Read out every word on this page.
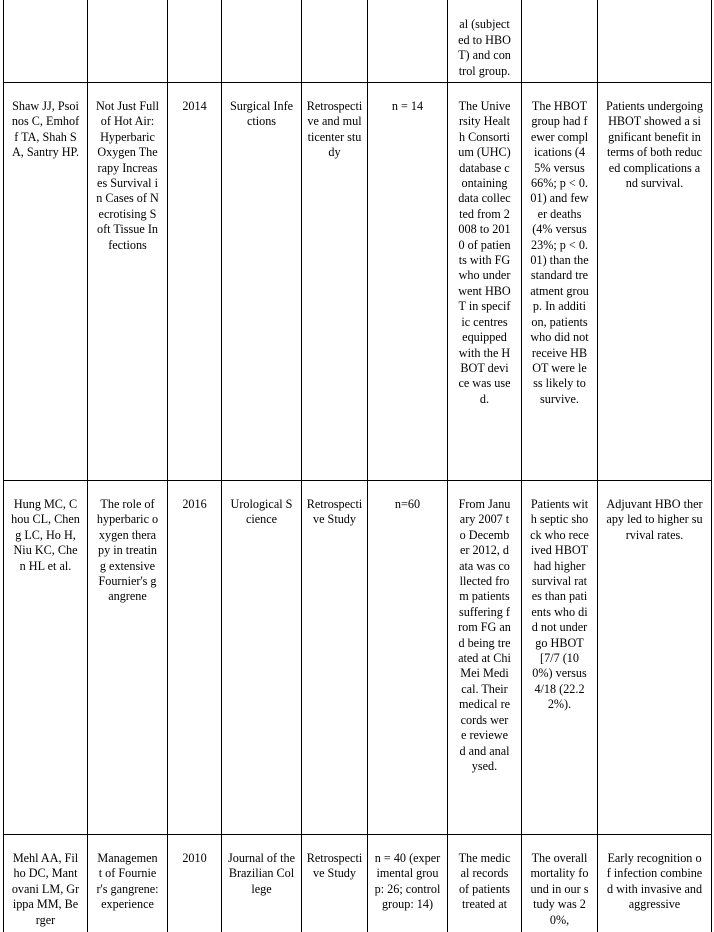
						al (subjected to HBOT) and control group.		
Shaw JJ, Psoinos C, Emhoff TA, Shah SA, Santry HP.	Not Just Full of Hot Air: Hyperbaric Oxygen Therapy Increases Survival in Cases of Necrotising Soft Tissue Infections	2014	Surgical Infections	Retrospective and multicenter study	n = 14	The University Health Consortium (UHC) database containing data collected from 2008 to 2010 of patients with FG who underwent HBOT in specific centres equipped with the HBOT device was used.	The HBOT group had fewer complications (45% versus 66%; p < 0.01) and fewer deaths (4% versus 23%; p < 0.01) than the standard treatment group. In addition, patients who did not receive HBOT were less likely to survive.	Patients undergoing HBOT showed a significant benefit in terms of both reduced complications and survival.
Hung MC, Chou CL, Cheng LC, Ho H, Niu KC, Chen HL et al.	The role of hyperbaric oxygen therapy in treating extensive Fournier's gangrene	2016	Urological Science	Retrospective Study	n=60	From January 2007 to December 2012, data was collected from patients suffering from FG and being treated at Chi Mei Medical. Their medical records were reviewed and analysed.	Patients with septic shock who received HBOT had higher survival rates than patients who did not undergo HBOT [7/7 (100%) versus 4/18 (22.22%).	Adjuvant HBO therapy led to higher survival rates.
Mehl AA, Filho DC, Mantovani LM, Grippa MM, Berger	Management of Fournier's gangrene: experience	2010	Journal of the Brazilian College	Retrospective Study	n = 40 (experimental group: 26; control group: 14)	The medical records of patients treated at	The overall mortality found in our study was 20%,	Early recognition of infection combined with invasive and aggressive
